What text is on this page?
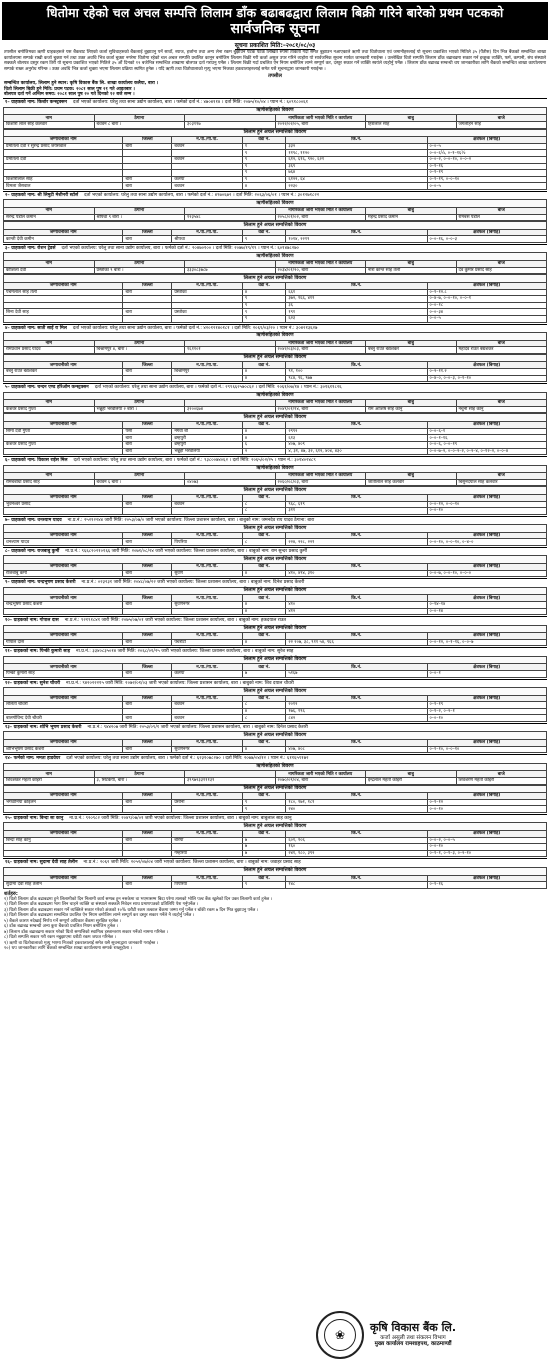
धितोमा रहेको चल अचल सम्पत्ति लिलाम डाँक बढाबढद्वारा लिलाम बिक्री गरिने बारेको प्रथम पटकको
सार्वजनिक सूचना
सूचना प्रकाशित मिति:–२०८१/०८/०३
तपसील बमोजिमका ऋणी ग्राहकहरुले यस बैंकबाट लिएको कर्जा सुविधाहरुको बैंकलाई बुझाउनु पर्ने सावाँ, ब्याज, हर्जाना तथा अन्य लेना रकम बुझाउन पटक पटक लिखित रुपमा ताकेता गर्दा समेत बुझाउन नआएकाले ऋणी तथा धितोवाला एवं जमानीहरुलाई यो सूचना प्रकाशित भएको मितिले ३५ (पैंतीस) दिन भित्र बैंकको सम्बन्धित शाखा कार्यालयमा सम्पर्क राखी कर्जा चुक्ता गर्न तथा उक्त अवधि भित्र कर्जा चुक्ता नगरेमा धितोमा रहेको चल अचल सम्पत्ति प्रचलित कानून बमोजिम लिलाम बिक्री गरी कर्जा असुल उपर गरिने व्यहोरा यो सार्वजनिक सूचना मार्फत जानकारी गराईन्छ । उल्लेखित धितो सम्पत्ति लिलाम डाँक बढाबढमा सकार गर्न इच्छुक व्यक्ति, फर्म, कम्पनी, संघ संस्थाले सक्कलै बोलपत्र दस्तुर रकम तिरी यो सूचना प्रकाशित भएको मितिले ३५ औं दिनको १२ बजेभित्र सम्बन्धित शाखामा बोलपत्र दर्ता गराउनु पर्नेछ । लिलाम बिक्री गर्दा प्रचलित ऐन नियम बमोजिम लाग्ने सम्पूर्ण कर, दस्तुर सकार गर्ने व्यक्ति स्वयंले व्यहोर्नु पर्नेछ । लिलाम डाँक बढाबढ सम्बन्धी थप जानकारीका लागि बैंकको सम्बन्धित शाखा कार्यालयमा सम्पर्क राख्न अनुरोध गरिन्छ । उक्त अवधि भित्र कर्जा चुक्ता भएमा लिलाम प्रक्रिया स्थगित हुनेछ । यदि ऋणी तथा धितोवालाको मृत्यु भएमा निजका हकवालाहरुलाई समेत यसै सूचनाद्वारा जानकारी गराईन्छ ।
तपसील
सम्बन्धित कार्यालय, लिलाम हुने स्थान: कृषि विकास बैंक लि. शाखा कार्यालय कलैया, बारा ।
धितो लिलाम बिक्री हुने मिति: प्रथम पटक: २०८१ साल पुष २१ गते आइतबार ।
बोलपत्र दर्ता गर्ने अन्तिम समय: २०८१ साल पुष २० गते दिनको १२ बजे सम्म ।
१– ग्राहकको नाम: किशोर कन्स्ट्रक्सन दर्ता भएको कार्यालय: घरेलु तथा साना उद्योग कार्यालय, बारा । फर्मको दर्ता नं.: ४७०४११४ । दर्ता मिति: २०७५/१०/०४ । प्यान नं.: ६०९१८००६१
ऋणीसहितको विवरण
नाम	ठेगाना		नागरिकता जारी भएको मिति र कार्यालय	बाबु	बाजे
किशोरी लाल साह कलवार	बधवन ८ बारा ।	३०३११७	२०२२/०२/०५, बारा	हिरालाल साह	जगलीहन साह
लिलाम हुने अचल सम्पत्तिको विवरण
जग्गाधनीको नाम	जिल्ला	न.पा./गा.पा.	वडा नं.	कि.नं.	क्षेत्रफल (बिगाह)
प्रेमतिला देवी र सुरेन्द्र प्रसाद जयसवाल	बारा	बधवन	१	३३२	०–०–५
			९	११९८, ११२०	०–०–६¼, ०–१–१६½
प्रेमतिला देवी		बधवन	९	६१२, ६१६, ९२०, ६२१	०–०–२, ०–०–१०, ०–०–२
			९	३६९	०–१–१६
			९	७६४	०–१–१९
किशोरीलाल साह	बारा	कलैया	९	६१२२, ६४	०–१–१९, ०–०–१०
विमला जैसवाल	बारा	बधवन	४	२२३०	०–०–५
२– ग्राहकको नाम: श्री लिमुटी मेशीनरी स्टोर्स दर्ता भएको कार्यालय: घरेलु तथा साना उद्योग कार्यालय, बारा । फर्मको दर्ता नं.: ४९७०६७२ । दर्ता मिति: २०६३/०६/०१ । प्यान नं.: ३०१२७१८२२
ऋणीसहितको विवरण
नाम	ठेगाना		नागरिकता जारी भएको मिति र कार्यालय	बाबु	बाजे
सरेन्द्र पडील कमान	श्रीपथा ९ बारा ।	१२३५४८	२०५८/०१/०२, बारा	महेन्द्र प्रसाद कमान	रामबस पडील
लिलाम हुने अचल सम्पत्तिको विवरण
जग्गाधनीको नाम	जिल्ला	न.पा./गा.पा.	वडा नं.	कि.नं.	क्षेत्रफल (बिगाह)
कान्ती देवी कमीन	बारा	श्रीपथा	९	१०१४, २२१९	०–०–१६, ०–०–३
३– ग्राहकको नाम: रोशन ट्रेडर्स दर्ता भएको कार्यालय: घरेलु तथा साना उद्योग कार्यालय, बारा । फर्मको दर्ता नं.: २०४७०१०० । दर्ता मिति: २०७७/१९/१९ । प्यान नं.: ६०१४७८२७०
ऋणीसहितको विवरण
नाम	ठेगाना		नागरिकता जारी भएको मिति र कार्यालय	बाबु	बाजे
कौशिला देवी	प्रस्तोका ९ बारा ।	३३३०८३७८७	२०३४/०१/२०, बारा	नारा कान्त साह तेली	देव कुमार प्रसाद साह
लिलाम हुने अचल सम्पत्तिको विवरण
जग्गाधनीको नाम	जिल्ला	न.पा./गा.पा.	वडा नं.	कि.नं.	क्षेत्रफल (बिगाह)
पंचमलाल साह तेली	बारा	प्रस्तोका	४	६६१	०–१–१२.८
			९	३७२, १६६, ४११	०–४–७, ०–०–१०, ०–०–१
			९	३६	०–०–१८
सिना देवी साह	बारा	प्रस्तोका	९	१९१	०–०–३४
			९	६२३	०–०–५
४– ग्राहकको नाम: साती साईं रा मिल दर्ता भएको कार्यालय: घरेलु तथा साना उद्योग कार्यालय, बारा । फर्मको दर्ता नं.: ४२०१२१४०१८१ । दर्ता मिति: २०६९/०३/२० । प्यान नं.: ३०४२१३६२७
ऋणीसहितको विवरण
नाम	ठेगाना		नागरिकता जारी भएको मिति र कार्यालय	बाबु	बाजे
रामप्रधान प्रसाद यादव	बिश्रामपुर ४, बारा ।	१६११०१	२०४२/०३/०३, बारा	बब्लु राउत बैद्यशंकर	महादेव राउत बैद्यशंकर
लिलाम हुने अचल सम्पत्तिको विवरण
जग्गाधनीको नाम	जिल्ला	न.पा./गा.पा.	वडा नं.	कि.नं.	क्षेत्रफल (बिगाह)
बब्लु राउत बैद्यशंकर	बारा	बिश्रामपुर	४	९१, १००	०–२–११.२
			४	९८४, ९६, ९७७	०–४–०, ०–०–३, ०–१–१०
५– ग्राहकको नाम: चन्दन एण्ड हरिओम कन्स्ट्रक्सन दर्ता भएको कार्यालय: घरेलु तथा साना उद्योग कार्यालय, बारा । फर्मको दर्ता नं.: २९९६६२५७०८६२ । दर्ता मिति: २०६१/०७/१४ । प्यान नं.: ३०१६११८२६
ऋणीसहितको विवरण
नाम	ठेगाना		नागरिकता जारी भएको मिति र कार्यालय	बाबु	बाजे
केशवर प्रसाद गुप्ता	भन्नुही भरवलिया २ बारा ।	३२००६७४	२०४९/०१/१४, बारा	राम आशिष साह कानु	नचुनी साह कानु
लिलाम हुने अचल सम्पत्तिको विवरण
जग्गाधनीको नाम	जिल्ला	न.पा./गा.पा.	वडा नं.	कि.नं.	क्षेत्रफल (बिगाह)
सिमा देवी गुप्ता	पर्सा	नगवा बी	४	२९९२	०–०–६–१
	बारा	ब्रम्हपुरी	४	६१३	०–०–१–१६
केशवर प्रसाद गुप्ता	बारा	ब्रम्हपुरी	६	४०७, ४०९	०–०–६, ०–०–१९
	बारा	भन्नुही भरवलिया	२	४, ३१, ४७, ३२, ६१२, ४०४, ४३०	०–०–७–२, ०–०–२–२, ०–२–४, ०–१२–२, ०–०–४
६– ग्राहकको नाम: विकास राईस मिल दर्ता भएको कार्यालय: घरेलु तथा साना उद्योग कार्यालय, बारा । फर्मको दर्ता नं.: ९३८००७४०६२ । दर्ता मिति: २०६५/०२/२५ । प्यान नं.: ३०१४०२४८९
ऋणीसहितको विवरण
नाम	ठेगाना		नागरिकता जारी भएको मिति र कार्यालय	बाबु	बाजे
रामबबोधा प्रसाद साह	बधवन ६ बारा ।	०४०७३	२०६०/०८/०३, बारा	जातीलाल साह कलवार	बिसुनदयाल साह कलवार
लिलाम हुने अचल सम्पत्तिको विवरण
जग्गाधनीको नाम	जिल्ला	न.पा./गा.पा.	वडा नं.	कि.नं.	क्षेत्रफल (बिगाह)
भुवनेश्वर प्रसाद	बारा	बधवन	८	९६८, ६१९	०–०–१२, ०–०–१०
			८	३११	०–०–१०
७– ग्राहकको नाम: धनश्याम यादव ना.प्र.नं.: २५२१२२४४ जारी मिति: २०५३/०७/० जारी भएको कार्यालय: जिल्ला प्रशासन कार्यालय, बारा । बाबुको नाम: जमनदेव राय यादव ठेगाना: बारा
लिलाम हुने अचल सम्पत्तिको विवरण
जग्गाधनीको नाम	जिल्ला	न.पा./गा.पा.	वडा नं.	कि.नं.	क्षेत्रफल (बिगाह)
धनश्याम यादव	बारा	पिपरिया	८	२२४, २२८, २२१	०–०–१०, ०–०–१०, ०–४–०
८– ग्राहकको नाम: राजबाबु कुर्मी ना.प्र.नं.: ९६६८२०२१०१६६ जारी मिति: २०७१/०८/२४ जारी भएको कार्यालय: जिल्ला प्रशासन कार्यालय, बारा । बाबुको नाम: राम सुन्दर प्रसाद कुर्मी
लिलाम हुने अचल सम्पत्तिको विवरण
जग्गाधनीको नाम	जिल्ला	न.पा./गा.पा.	वडा नं.	कि.नं.	क्षेत्रफल (बिगाह)
राजबाबु कर्मी	बारा	सुवर्ण	४	४१०, ४९४, ३१०	०–०–७, ०–०–१०, ०–०–०
९– ग्राहकको नाम: चन्द्रभूषण प्रसाद केशरी ना.प्र.नं.: ०२३२३१ जारी मिति: २०४८/०७/२२ जारी भएको कार्यालय: जिल्ला प्रशासन कार्यालय, बारा । बाबुको नाम: दिनेश प्रसाद केशरी
लिलाम हुने अचल सम्पत्तिको विवरण
जग्गाधनीको नाम	जिल्ला	न.पा./गा.पा.	वडा नं.	कि.नं.	क्षेत्रफल (बिगाह)
चन्द्रभूषण प्रसाद केशरी	बारा	सुवर्णनगर	४	४१०	०–१४–१४
			४	४१२	०–०–१४
१०– ग्राहकको नाम: गोपाल दास ना.प्र.नं.: ९२१९१८४१ जारी मिति: २०७५/०७/०१ जारी भएको कार्यालय: जिल्ला प्रशासन कार्यालय, बारा । बाबुको नाम: हकदयाल राउत
लिलाम हुने अचल सम्पत्तिको विवरण
जग्गाधनीको नाम	जिल्ला	न.पा./गा.पा.	वडा नं.	कि.नं.	क्षेत्रफल (बिगाह)
गोपाल दास	बारा	पचरौटी	४	२२ २०७, ३८, ९११ ५४, ९६६	०–०–१२, ०–१–१६, ०–०–७
११– ग्राहकको नाम: पिन्की कुमारी साह ना.प्र.नं.: ३३४०८३५०१४ जारी मिति: २०६८/०१/२५ जारी भएको कार्यालय: जिल्ला प्रशासन कार्यालय, बारा । बाबुको नाम: सुरेश साह
लिलाम हुने अचल सम्पत्तिको विवरण
जग्गाधनीको नाम	जिल्ला	न.पा./गा.पा.	वडा नं.	कि.नं.	क्षेत्रफल (बिगाह)
पिन्की कुमारी साह	बारा	कलैया	७	५१६७	०–०–१
१२– ग्राहकको नाम: सुनेश चौधरी ना.प्र.नं.: ९४२०२२२१५ जारी मिति: २०७२/०१/०३ जारी भएको कार्यालय: जिल्ला प्रशासन कार्यालय, बारा । बाबुको नाम: शिव दयाल चौधरी
लिलाम हुने अचल सम्पत्तिको विवरण
जग्गाधनीको नाम	जिल्ला	न.पा./गा.पा.	वडा नं.	कि.नं.	क्षेत्रफल (बिगाह)
ललिता चौधरी	बारा	बधवन	८	२०१२	०–१–१९
			४	१७६, १९६	०–१–२, ०–२–१
बालगोविन्द देवी चौधरी	बारा	बधवन	८	८४२	०–०–१०
१३– ग्राहकको नाम: शोभि भूषण प्रसाद केशरी ना.प्र.नं.: ९४४२०७ जारी मिति: २०५३/०९/१ जारी भएको कार्यालय: जिल्ला प्रशासन कार्यालय, बारा । बाबुको नाम: दिनेश प्रसाद केशरी
लिलाम हुने अचल सम्पत्तिको विवरण
जग्गाधनीको नाम	जिल्ला	न.पा./गा.पा.	वडा नं.	कि.नं.	क्षेत्रफल (बिगाह)
शोभिभूषण प्रसाद केशरी	बारा	सुवर्णनगर	४	४०७, ४०८	०–१–१०, ०–०–१०
१४– फर्मको नाम: ममता हाडवेयर दर्ता भएको कार्यालय: घरेलु तथा साना उद्योग कार्यालय, बारा । फर्मको दर्ता नं.: ६२३१०७८२७० । दर्ता मिति: २०७७/०४/१२ । प्यान नं.: ६११६५९१७२
ऋणीसहितको विवरण
नाम	ठेगाना		नागरिकता जारी भएको मिति र कार्यालय	बाबु	बाजे
शिवशंकर महतो कोइरी	३, सिटकैया, बारा ।	३९९७२३३१११३१	२०७०/०९/०४, बारा	इन्द्रलाल महतो कोइरी	शिवशरण महतो कोइरी
लिलाम हुने अचल सम्पत्तिको विवरण
जग्गाधनीको नाम	जिल्ला	न.पा./गा.पा.	वडा नं.	कि.नं.	क्षेत्रफल (बिगाह)
भगवानिया कोईलन	बारा	प्रसौनी	९	१८०, १७१, १८१	०–१–१२
			९	२४०	०–०–१०
१५– ग्राहकको नाम: बिन्दा सा कानु ना.प्र.नं.: ९२०९८२ जारी मिति: २०४९/०७/०१ जारी भएको कार्यालय: जिल्ला प्रशासन कार्यालय, बारा । बाबुको नाम: बाबुलाल साह कानु
लिलाम हुने अचल सम्पत्तिको विवरण
जग्गाधनीको नाम	जिल्ला	न.पा./गा.पा.	वडा नं.	कि.नं.	क्षेत्रफल (बिगाह)
बिन्दा साह कानु	बारा	बैरिया	७	६०१, १०६	०–०–२, ०–०–५
			७	१६०	०–०–१०
		गम्हरिया	७	२४१, १८०, ३९२	०–१–१, ०–१–३, ०–२–१०
१६– ग्राहकको नाम: सुदामा देवी साह तेलीन ना.प्र.नं.: २०६२ जारी मिति: २०५२/०७/०४ जारी भएको कार्यालय: जिल्ला प्रशासन कार्यालय, बारा । बाबुको नाम: जवाहर प्रसाद साह
लिलाम हुने अचल सम्पत्तिको विवरण
जग्गाधनीको नाम	जिल्ला	न.पा./गा.पा.	वडा नं.	कि.नं.	क्षेत्रफल (बिगाह)
सुदामा देवी साह तेलीन	बारा	पिपरिया	९	१४८	०–१–१६
शर्तहरु:
१) धितो लिलाम डाँक बढाबढमा हुने लिलामीको दिन निलामी कार्य सम्पन्न हुन नसकेमा वा भएमासम्म बिदा परेमा त्यसको भोलि पल्ट बैंक खुलेको दिन उक्त लिलामी कार्य हुनेछ ।
२) धितो लिलाम डाँक बढाबढमा भाग लिन चाहने व्यक्ति वा संस्थाले सक्कलै निवेदन साथ प्रमाणपत्रको प्रतिलिपि पेश गर्नुपर्नेछ ।
३) धितो लिलाम डाँक बढाबढमा सकार गर्ने व्यक्तिले सकार गरेको अंकको १०% धरौटी रकम तत्काल बैंकमा जम्मा गर्नु पर्नेछ र बाँकी रकम ७ दिन भित्र बुझाउनु पर्नेछ ।
४) धितो लिलाम डाँक बढाबढमा सम्बन्धित प्रचलित ऐन नियम बमोजिम लाग्ने सम्पूर्ण कर दस्तुर सकार गर्नेले नै व्यहोर्नु पर्नेछ ।
५) बैंकले कारण नदेखाई निर्णय गर्ने सम्पूर्ण अधिकार बैंकमा सुरक्षित रहनेछ ।
६) डाँक बढाबढ सम्बन्धी अन्य कुरा बैंकको प्रचलित नियम बमोजिम हुनेछ ।
७) लिलाम डाँक बढाबढमा सकार गरेको धितो सम्पत्तिको स्वामित्व हस्तान्तरण सकार गर्नेको नाममा गरिनेछ ।
८) धितो सम्पत्ति सकार गरी रकम नबुझाएमा धरौटी रकम जफत गरिनेछ ।
९) ऋणी वा धितोवालाको मृत्यु भएमा निजको हकवालालाई समेत यसै सूचनाद्वारा जानकारी गराईन्छ ।
१०) थप जानकारीका लागि बैंकको सम्बन्धित शाखा कार्यालयमा सम्पर्क राख्नुहोला ।
❀
कृषि विकास बैंक लि.
कर्जा असुली तथा संकलन विभाग
मुख्य कार्यालय रामशाहपथ, काठमाण्डौं
